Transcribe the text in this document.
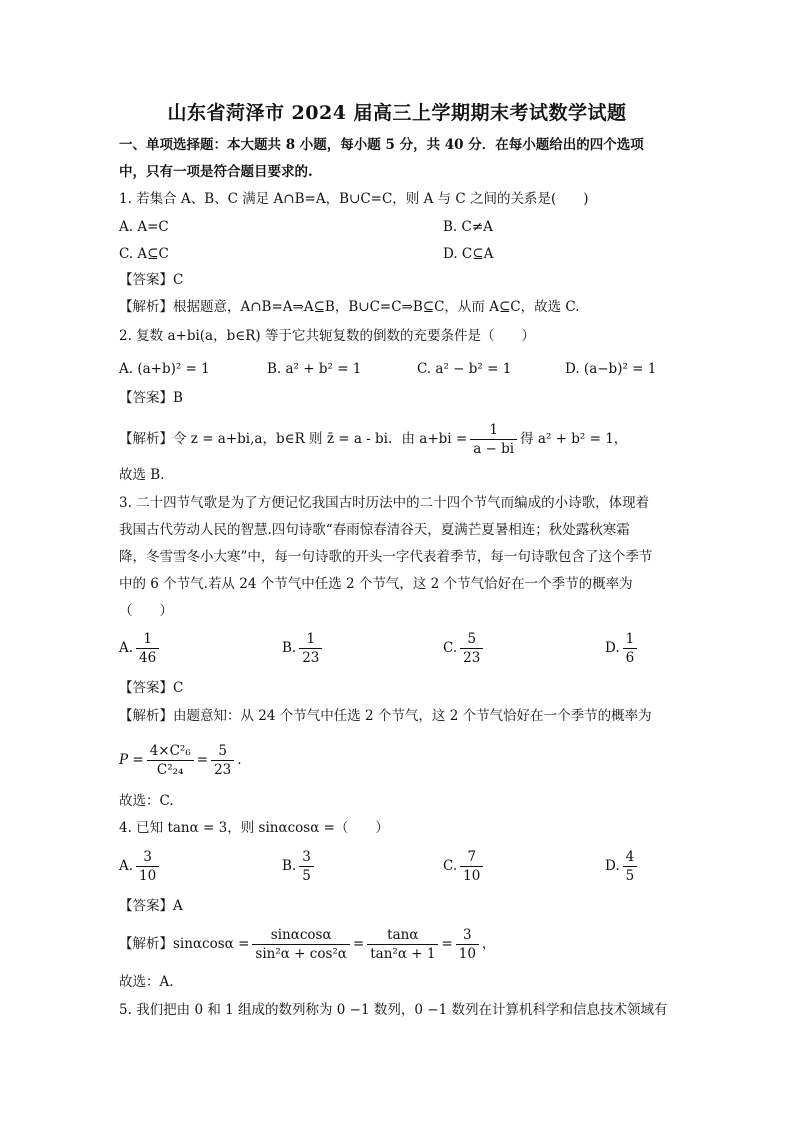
山东省菏泽市 2024 届高三上学期期末考试数学试题
一、单项选择题：本大题共 8 小题，每小题 5 分，共 40 分．在每小题给出的四个选项
中，只有一项是符合题目要求的.
1. 若集合 A、B、C 满足 A∩B=A，B∪C=C，则 A 与 C 之间的关系是(　　)
A. A=C	B. C≠A
C. A⊆C	D. C⊆A
【答案】C
【解析】根据题意，A∩B=A⇒A⊆B，B∪C=C⇒B⊆C，从而 A⊆C，故选 C.
2. 复数 a+bi(a，b∈R) 等于它共轭复数的倒数的充要条件是（　　）
A. (a+b)² = 1	B. a² + b² = 1	C. a² − b² = 1	D. (a−b)² = 1
【答案】B
【解析】令 z = a+bi,a，b∈R 则 z̄ = a - bi．由 $a+bi = \frac{1}{a - bi}$ 得 a² + b² = 1，
故选 B．
3. 二十四节气歌是为了方便记忆我国古时历法中的二十四个节气而编成的小诗歌，体现着
我国古代劳动人民的智慧.四句诗歌“春雨惊春清谷天，夏满芒夏暑相连；秋处露秋寒霜
降，冬雪雪冬小大寒”中，每一句诗歌的开头一字代表着季节，每一句诗歌包含了这个季节
中的 6 个节气.若从 24 个节气中任选 2 个节气，这 2 个节气恰好在一个季节的概率为
（　　）
A. $\frac{1}{46}$	B. $\frac{1}{23}$	C. $\frac{5}{23}$	D. $\frac{1}{6}$
【答案】C
【解析】由题意知：从 24 个节气中任选 2 个节气，这 2 个节气恰好在一个季节的概率为
$P = \frac{\text{4×C²₆}}{\text{C²₂₄}} = \frac{5}{23}$ .
故选：C.
4. 已知 tanα = 3，则 sinαcosα =（　　）
A. $\frac{3}{10}$	B. $\frac{3}{5}$	C. $\frac{7}{10}$	D. $\frac{4}{5}$
【答案】A
【解析】$\sin\alpha\cos\alpha = \frac{\sin\alpha\cos\alpha}{\text{sin²α + cos²α}} = \frac{\tan\alpha}{\text{tan²α + 1}} = \frac{3}{10}$ ，
故选：A.
5. 我们把由 0 和 1 组成的数列称为 0 −1 数列，0 −1 数列在计算机科学和信息技术领域有
